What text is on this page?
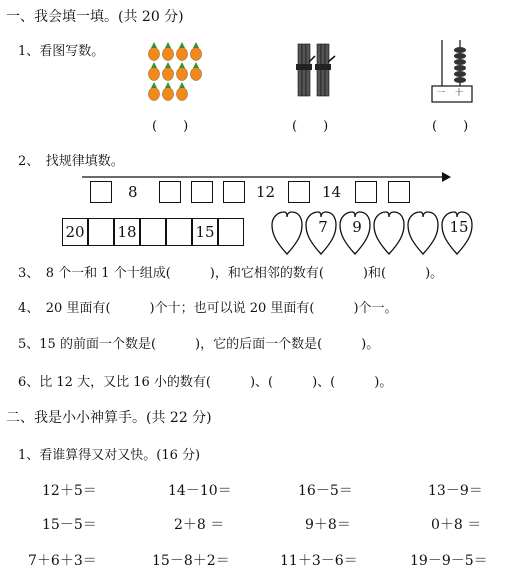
一、我会填一填。(共 20 分)
1、看图写数。
一 十
(　　)	(　　)	(　　)
2、　找规律填数。
8	12	14
20 18	15	7	9	15
3、　8 个一和 1 个十组成(　　　)，和它相邻的数有(　　　)和(　　　)。
4、　20 里面有(　　　)个十；也可以说 20 里面有(　　　)个一。
5、15 的前面一个数是(　　　)，它的后面一个数是(　　　)。
6、比 12 大，又比 16 小的数有(　　　)、(　　　)、(　　　)。
二、我是小小神算手。(共 22 分)
1、看谁算得又对又快。(16 分)
12＋5＝	14－10＝	16－5＝	13－9＝
15－5＝	2＋8 ＝	9＋8＝	0＋8 ＝
7＋6＋3＝	15－8＋2＝	11＋3－6＝	19－9－5＝
